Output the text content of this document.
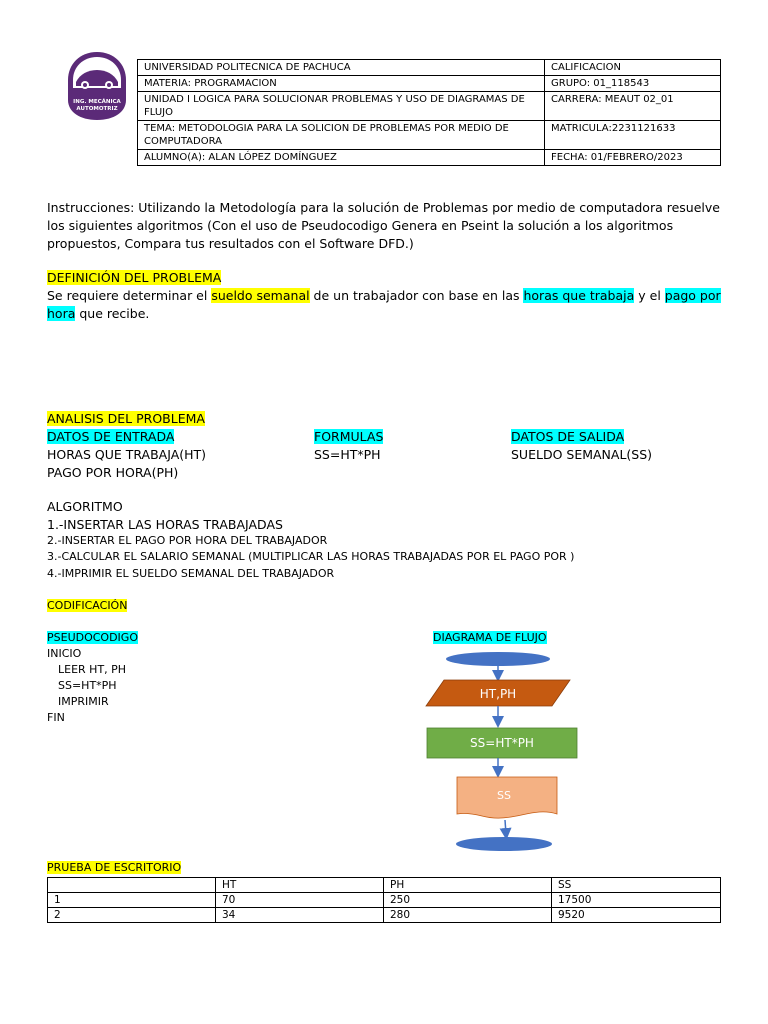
ING. MECÁNICA
AUTOMOTRIZ
UNIVERSIDAD POLITECNICA DE PACHUCA	CALIFICACION
MATERIA: PROGRAMACION	GRUPO: 01_118543
UNIDAD I LOGICA PARA SOLUCIONAR PROBLEMAS Y USO DE DIAGRAMAS DE FLUJO	CARRERA: MEAUT 02_01
TEMA: METODOLOGIA PARA LA SOLICION DE PROBLEMAS POR MEDIO DE COMPUTADORA	MATRICULA:2231121633
ALUMNO(A): ALAN LÓPEZ DOMÍNGUEZ	FECHA: 01/FEBRERO/2023
Instrucciones: Utilizando la Metodología para la solución de Problemas por medio de computadora resuelve los siguientes algoritmos (Con el uso de Pseudocodigo Genera en Pseint la solución a los algoritmos propuestos, Compara tus resultados con el Software DFD.)
DEFINICIÓN DEL PROBLEMA
Se requiere determinar el sueldo semanal de un trabajador con base en las horas que trabaja y el pago por hora que recibe.
ANALISIS DEL PROBLEMA
DATOS DE ENTRADA	FORMULAS	DATOS DE SALIDA
HORAS QUE TRABAJA(HT)	SS=HT*PH	SUELDO SEMANAL(SS)
PAGO POR HORA(PH)
ALGORITMO
1.-INSERTAR LAS HORAS TRABAJADAS
2.-INSERTAR EL PAGO POR HORA DEL TRABAJADOR
3.-CALCULAR EL SALARIO SEMANAL (MULTIPLICAR LAS HORAS TRABAJADAS POR EL PAGO POR )
4.-IMPRIMIR EL SUELDO SEMANAL DEL TRABAJADOR
CODIFICACIÓN
PSEUDOCODIGO	DIAGRAMA DE FLUJO
INICIO
LEER HT, PH
SS=HT*PH
IMPRIMIR
FIN
HT,PH
SS=HT*PH
SS
PRUEBA DE ESCRITORIO
	HT	PH	SS
1	70	250	17500
2	34	280	9520
